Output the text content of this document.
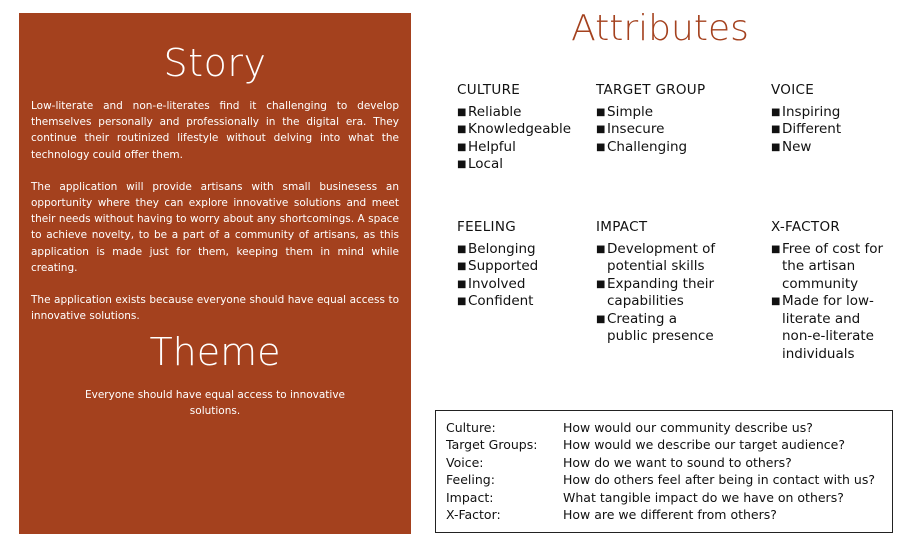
Story

Low-literate and non-e-literates find it challenging to develop themselves personally and professionally in the digital era. They continue their routinized lifestyle without delving into what the technology could offer them.

The application will provide artisans with small businesess an opportunity where they can explore innovative solutions and meet their needs without having to worry about any shortcomings. A space to achieve novelty, to be a part of a community of artisans, as this application is made just for them, keeping them in mind while creating.

The application exists because everyone should have equal access to innovative solutions.

Theme
Everyone should have equal access to innovative solutions.
Attributes
CULTURE
■ Reliable
■ Knowledgeable
■ Helpful
■ Local
TARGET GROUP
■ Simple
■ Insecure
■ Challenging
VOICE
■ Inspiring
■ Different
■ New
FEELING
■ Belonging
■ Supported
■ Involved
■ Confident
IMPACT
■ Development of potential skills
■ Expanding their capabilities
■ Creating a public presence
X-FACTOR
■ Free of cost for the artisan community
■ Made for low-literate and non-e-literate individuals
Culture:	How would our community describe us?
Target Groups: How would we describe our target audience?
Voice:	How do we want to sound to others?
Feeling:	How do others feel after being in contact with us?
Impact:	What tangible impact do we have on others?
X-Factor:	How are we different from others?
